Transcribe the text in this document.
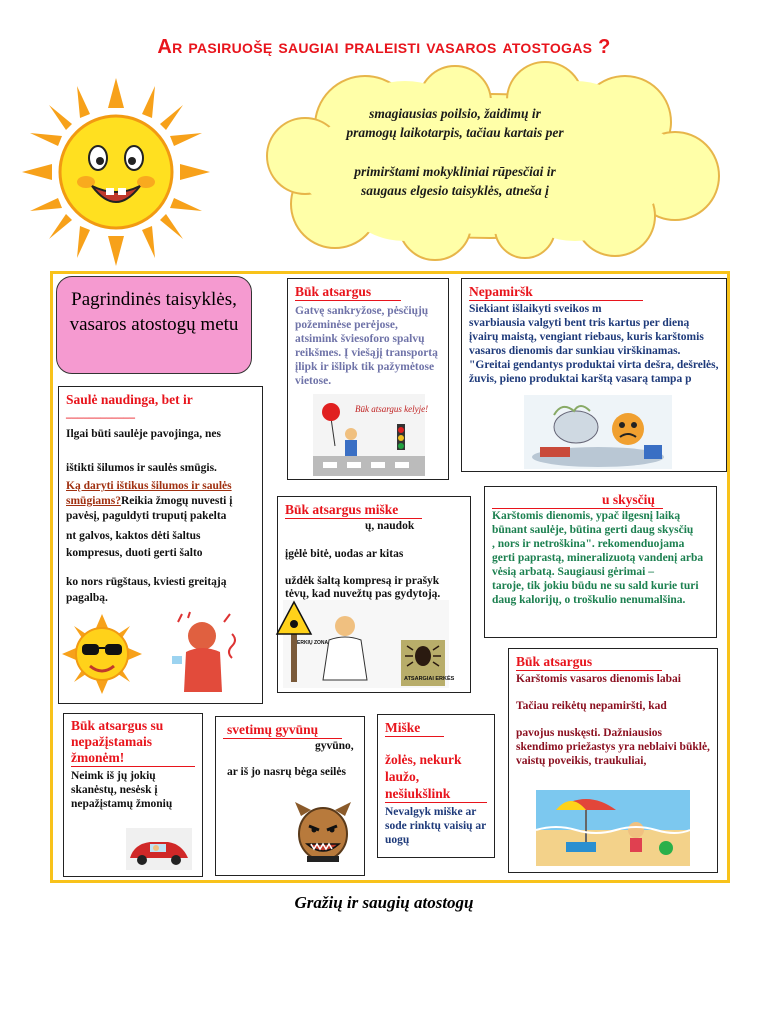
Ar pasiruošę saugiai praleisti vasaros atostogas ?

smagiausias poilsio, žaidimų ir

pramogų laikotarpis, tačiau kartais per

primirštami mokykliniai rūpesčiai ir

saugaus elgesio taisyklės, atneša į

Pagrindinės taisyklės, vasaros atostogų metu
Saulė naudinga, bet ir
____________
Ilgai būti saulėje pavojinga, nes
ištikti šilumos ir saulės smūgis.
Ką daryti ištikus šilumos ir saulės smūgiams?Reikia žmogų nuvesti į pavėsį, paguldyti truputį pakelta
nt galvos, kaktos dėti šaltus kompresus, duoti gerti šalto
ko nors rūgštaus, kviesti greitąją pagalbą.
Būk atsargus
Gatvę sankryžose, pėsčiųjų požeminėse perėjose, atsimink šviesoforo spalvų reikšmes. Į viešąjį transportą įlipk ir išlipk tik pažymėtose vietose.
Būk atsargus kelyje!
Nepamiršk
Siekiant išlaikyti sveikos m
svarbiausia valgyti bent tris kartus per dieną įvairų maistą, vengiant riebaus, kuris karštomis vasaros dienomis dar sunkiau virškinamas. "Greitai gendantys produktai virta dešra, dešrelės, žuvis, pieno produktai karštą vasarą tampa p
Būk atsargus miške
ų, naudok
įgėlė bitė, uodas ar kitas
uždėk šaltą kompresą ir prašyk tėvų, kad nuvežtų pas gydytoją.
ERKIŲ ZONA
ATSARGIAI ERKĖS
u skysčių
Karštomis dienomis, ypač ilgesnį laiką būnant saulėje, būtina gerti daug skysčių
, nors ir netroškina". rekomenduojama gerti paprastą, mineralizuotą vandenį arba vėsią arbatą. Saugiausi gėrimai –
taroje, tik jokiu būdu ne su sald kurie turi daug kalorijų, o troškulio nenumalšina.
Būk atsargus
Karštomis vasaros dienomis labai
Tačiau reikėtų nepamiršti, kad
pavojus nuskęsti. Dažniausios skendimo priežastys yra neblaivi būklė, vaistų poveikis, traukuliai,
Būk atsargus su nepažįstamais žmonėm!
Neimk iš jų jokių skanėstų, nesėsk į nepažįstamų žmonių
svetimų gyvūnų
gyvūno,
ar iš jo nasrų bėga seilės
Miške žolės, nekurk laužo, nešiukšlink
Nevalgyk miške ar sode rinktų vaisių ar uogų
Gražių ir saugių atostogų
